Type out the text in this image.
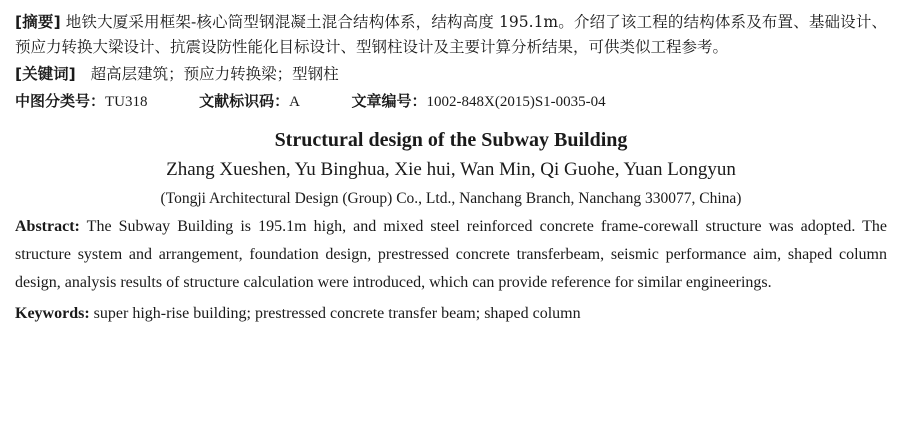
[摘要] 地铁大厦采用框架-核心筒型钢混凝土混合结构体系，结构高度 195.1m。介绍了该工程的结构体系及布置、基础设计、预应力转换大梁设计、抗震设防性能化目标设计、型钢柱设计及主要计算分析结果，可供类似工程参考。
[关键词] 超高层建筑；预应力转换梁；型钢柱
中图分类号：TU318	文献标识码：A	文章编号：1002-848X(2015)S1-0035-04
Structural design of the Subway Building
Zhang Xueshen, Yu Binghua, Xie hui, Wan Min, Qi Guohe, Yuan Longyun
(Tongji Architectural Design (Group) Co., Ltd., Nanchang Branch, Nanchang 330077, China)
Abstract: The Subway Building is 195.1m high, and mixed steel reinforced concrete frame-corewall structure was adopted. The structure system and arrangement, foundation design, prestressed concrete transferbeam, seismic performance aim, shaped column design, analysis results of structure calculation were introduced, which can provide reference for similar engineerings.
Keywords: super high-rise building; prestressed concrete transfer beam; shaped column
